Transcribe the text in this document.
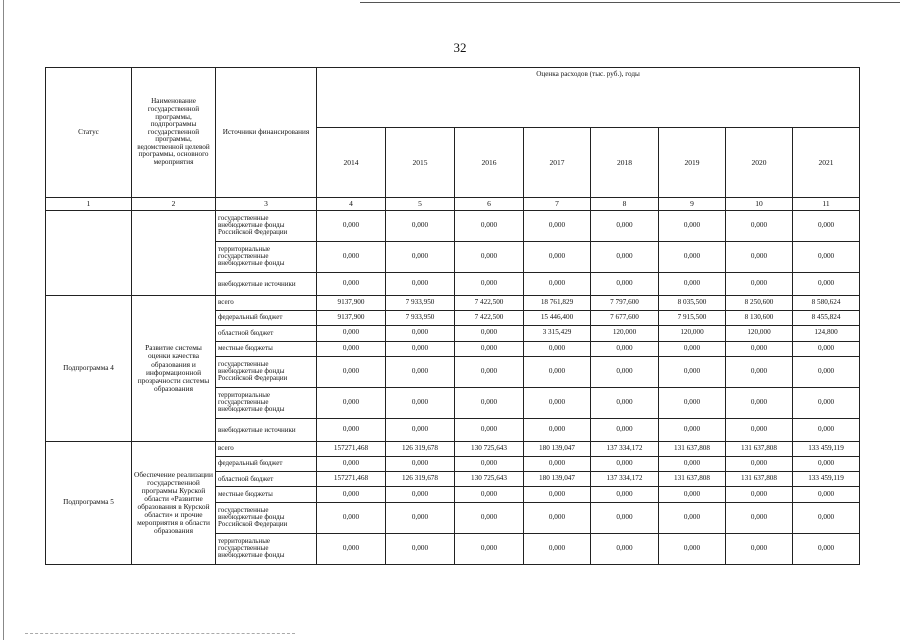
32
Статус	Наименование государственной программы, подпрограммы государственной программы, ведомственной целевой программы, основного мероприятия	Источники финансирования	Оценка расходов (тыс. руб.), годы							
			2014	2015	2016	2017	2018	2019	2020	2021
1	2	3	4	5	6	7	8	9	10	11
		государственные внебюджетные фонды Российской Федерации	0,000	0,000	0,000	0,000	0,000	0,000	0,000	0,000
		территориальные государственные внебюджетные фонды	0,000	0,000	0,000	0,000	0,000	0,000	0,000	0,000
		внебюджетные источники	0,000	0,000	0,000	0,000	0,000	0,000	0,000	0,000
Подпрограмма 4	Развитие системы оценки качества образования и информационной прозрачности системы образования	всего	9137,900	7 933,950	7 422,500	18 761,829	7 797,600	8 035,500	8 250,600	8 580,624
		федеральный бюджет	9137,900	7 933,950	7 422,500	15 446,400	7 677,600	7 915,500	8 130,600	8 455,824
		областной бюджет	0,000	0,000	0,000	3 315,429	120,000	120,000	120,000	124,800
		местные бюджеты	0,000	0,000	0,000	0,000	0,000	0,000	0,000	0,000
		государственные внебюджетные фонды Российской Федерации	0,000	0,000	0,000	0,000	0,000	0,000	0,000	0,000
		территориальные государственные внебюджетные фонды	0,000	0,000	0,000	0,000	0,000	0,000	0,000	0,000
		внебюджетные источники	0,000	0,000	0,000	0,000	0,000	0,000	0,000	0,000
Подпрограмма 5	Обеспечение реализации государственной программы Курской области «Развитие образования в Курской области» и прочие мероприятия в области образования	всего	157271,468	126 319,678	130 725,643	180 139,047	137 334,172	131 637,808	131 637,808	133 459,119
		федеральный бюджет	0,000	0,000	0,000	0,000	0,000	0,000	0,000	0,000
		областной бюджет	157271,468	126 319,678	130 725,643	180 139,047	137 334,172	131 637,808	131 637,808	133 459,119
		местные бюджеты	0,000	0,000	0,000	0,000	0,000	0,000	0,000	0,000
		государственные внебюджетные фонды Российской Федерации	0,000	0,000	0,000	0,000	0,000	0,000	0,000	0,000
		территориальные государственные внебюджетные фонды	0,000	0,000	0,000	0,000	0,000	0,000	0,000	0,000
